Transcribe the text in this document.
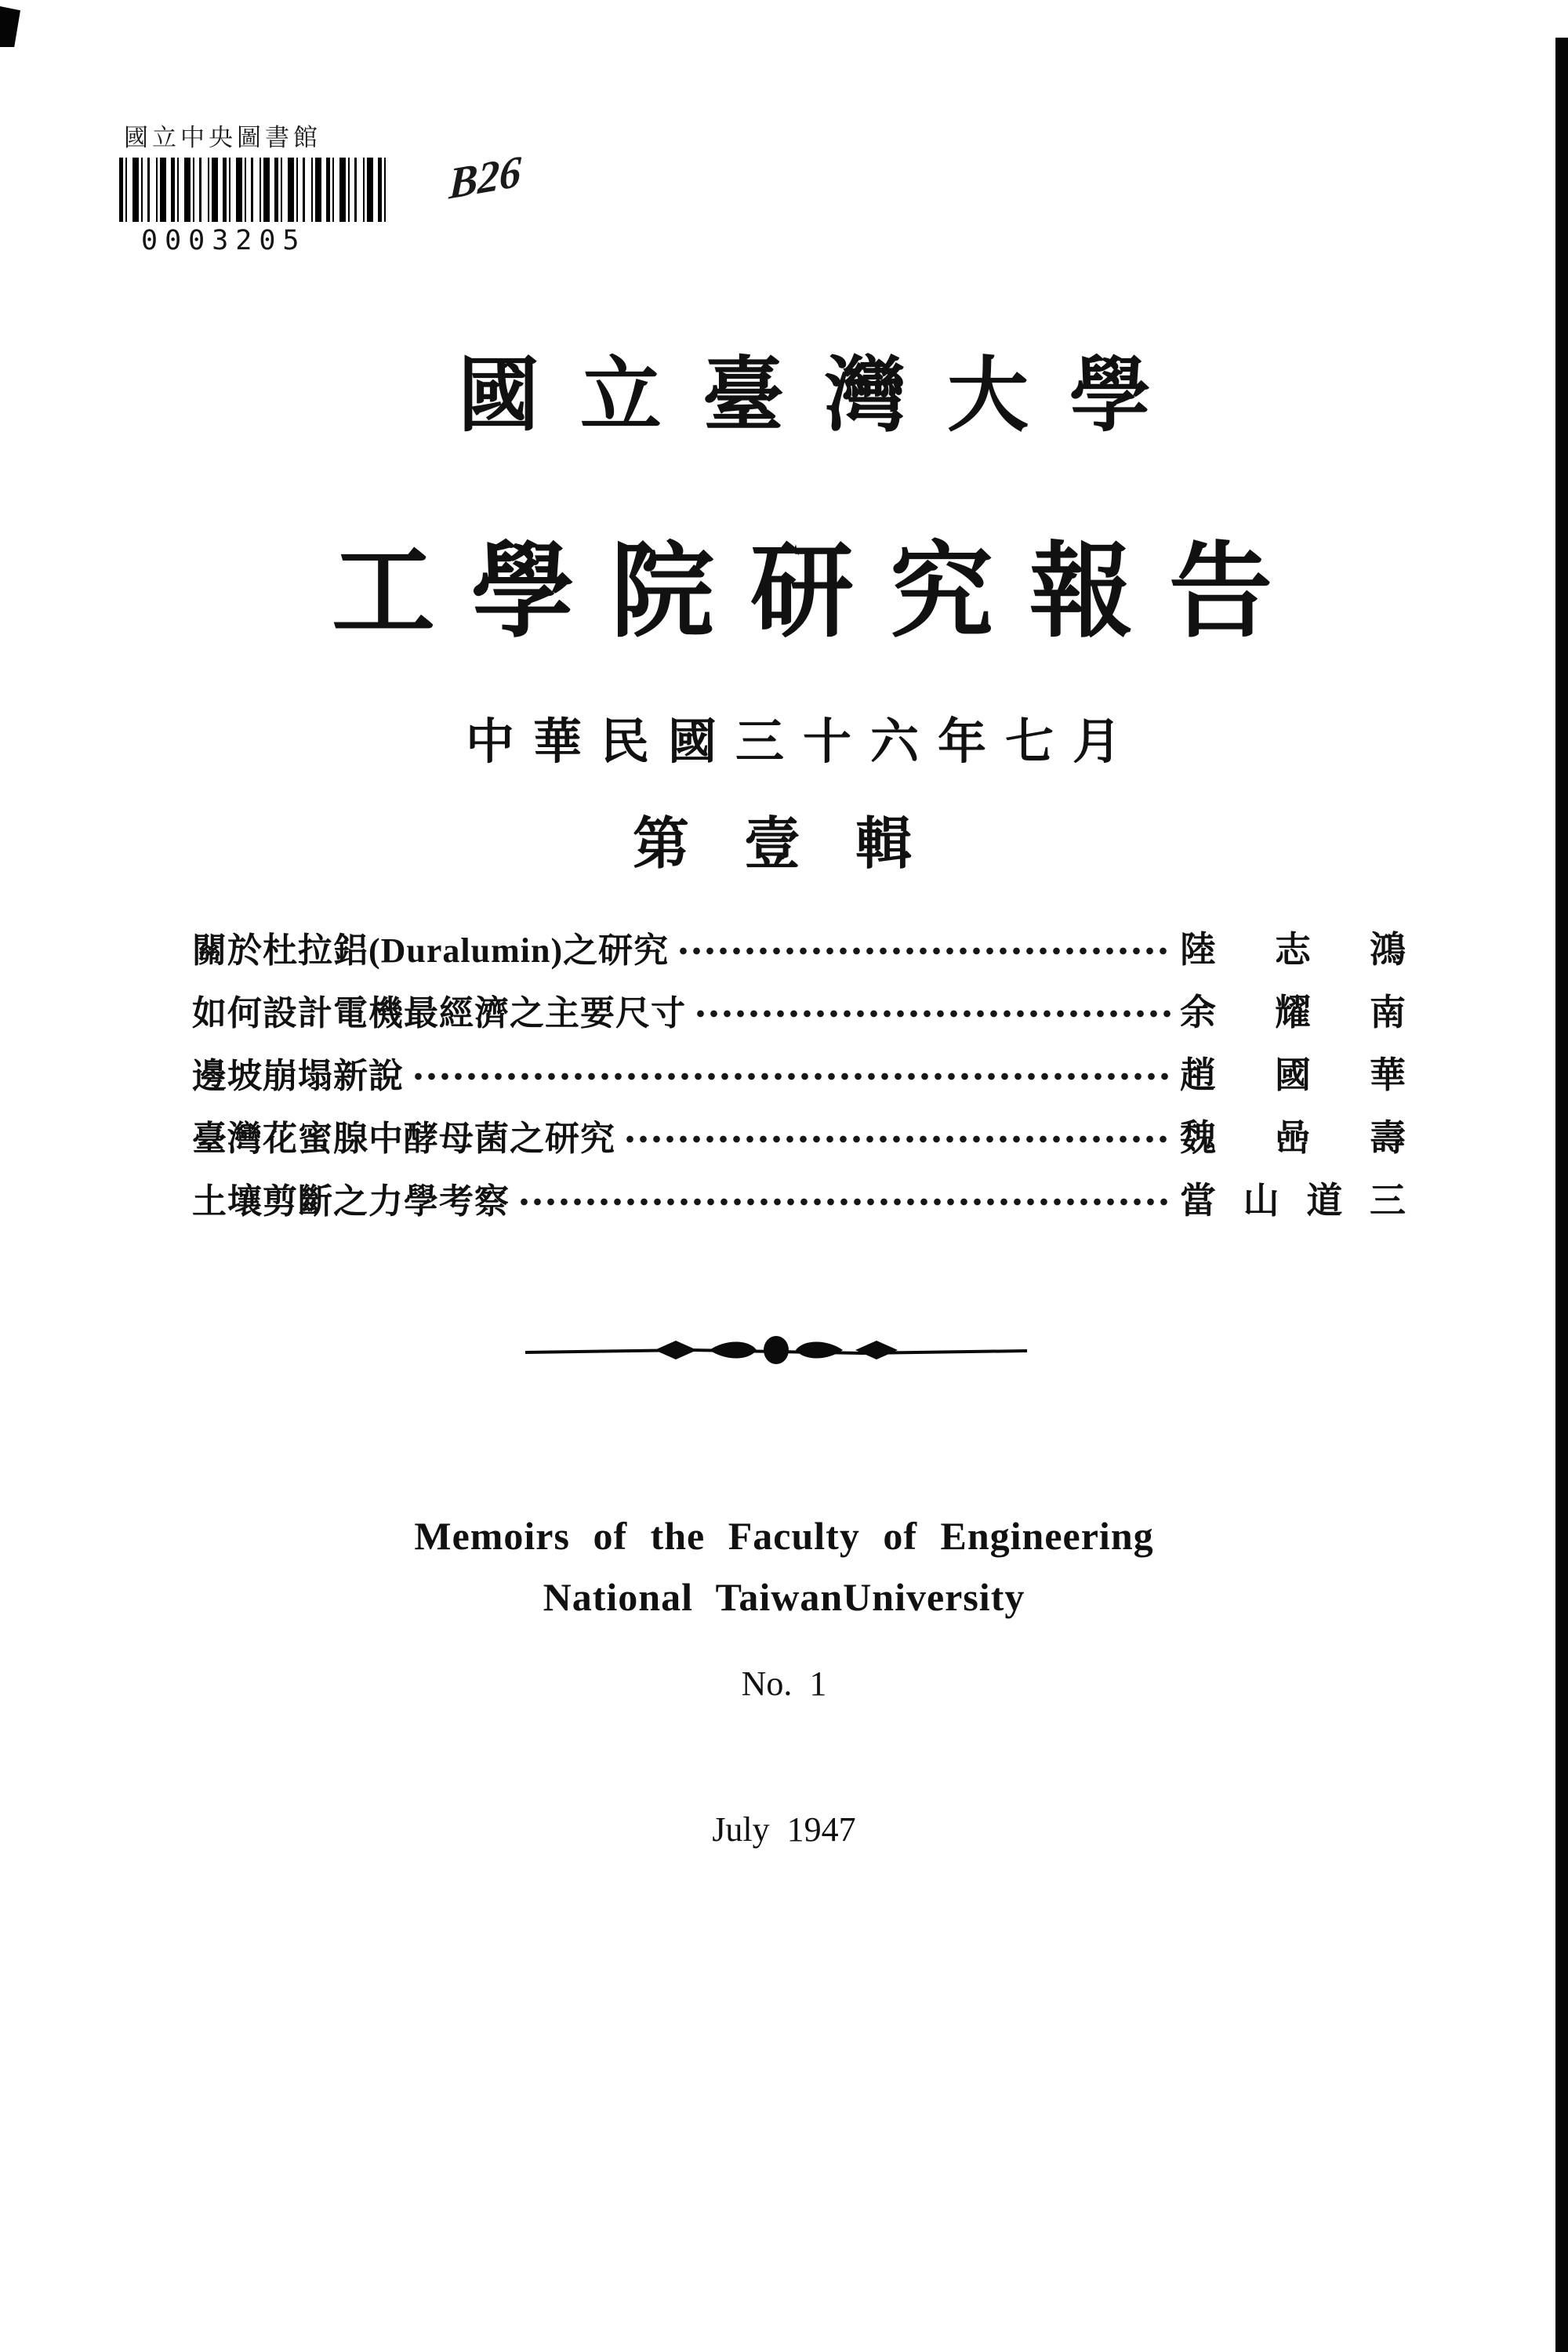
國立中央圖書館
0003205
B26
國立臺灣大學
工學院研究報告
中華民國三十六年七月
第壹輯
關於杜拉鋁(Duralumin)之研究	陸志鴻
如何設計電機最經濟之主要尺寸	余耀南
邊坡崩塌新說	趙國華
臺灣花蜜腺中酵母菌之研究	魏喦壽
土壤剪斷之力學考察	當山道三
Memoirs of the Faculty of Engineering
National TaiwanUniversity
No.  1
July  1947
